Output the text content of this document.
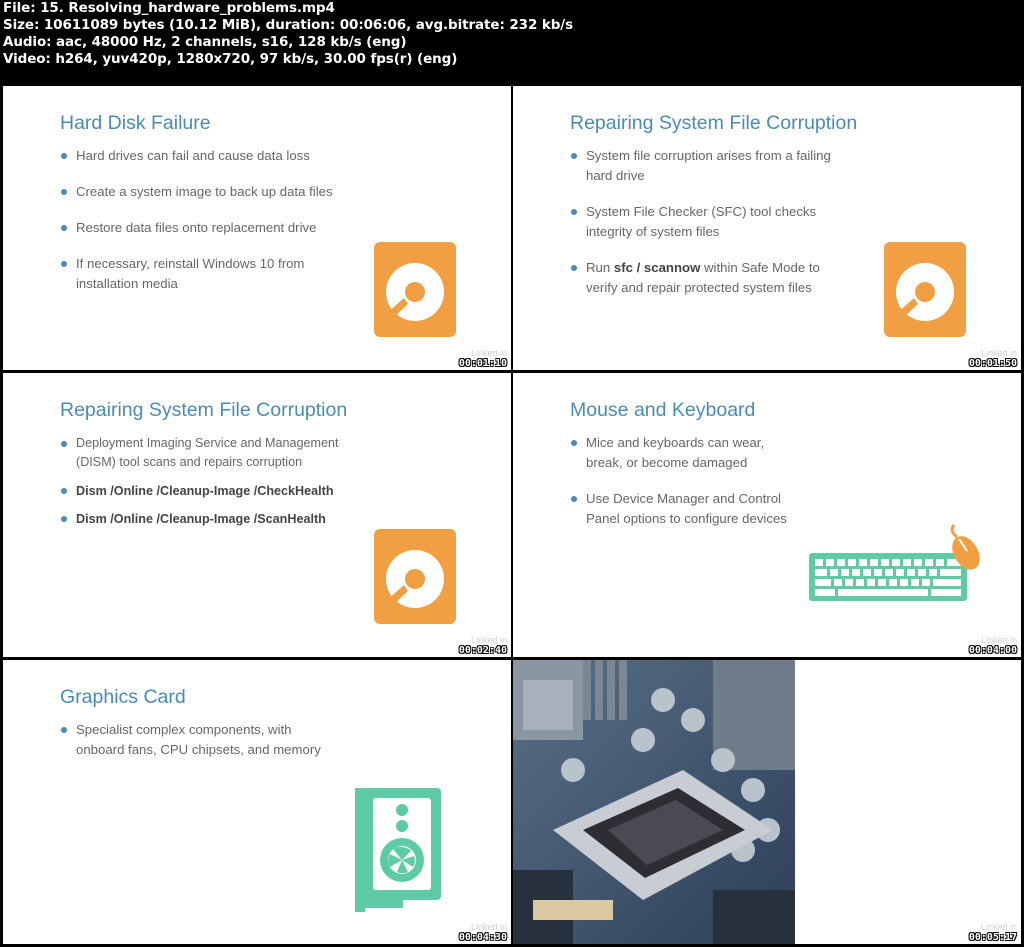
File: 15. Resolving_hardware_problems.mp4
Size: 10611089 bytes (10.12 MiB), duration: 00:06:06, avg.bitrate: 232 kb/s
Audio: aac, 48000 Hz, 2 channels, s16, 128 kb/s (eng)
Video: h264, yuv420p, 1280x720, 97 kb/s, 30.00 fps(r) (eng)
Hard Disk Failure
Hard drives can fail and cause data loss
Create a system image to back up data files
Restore data files onto replacement drive
If necessary, reinstall Windows 10 from installation media
Linked in
00:01:10
Repairing System File Corruption
System file corruption arises from a failing hard drive
System File Checker (SFC) tool checks integrity of system files
Run sfc / scannow within Safe Mode to verify and repair protected system files
Linked in
00:01:50
Repairing System File Corruption
Deployment Imaging Service and Management (DISM) tool scans and repairs corruption
Dism /Online /Cleanup-Image /CheckHealth
Dism /Online /Cleanup-Image /ScanHealth
Linked in
00:02:40
Mouse and Keyboard
Mice and keyboards can wear, break, or become damaged
Use Device Manager and Control Panel options to configure devices
Linked in
00:04:00
Graphics Card
Specialist complex components, with onboard fans, CPU chipsets, and memory
Linked in
00:04:30
Linked in
00:05:17
